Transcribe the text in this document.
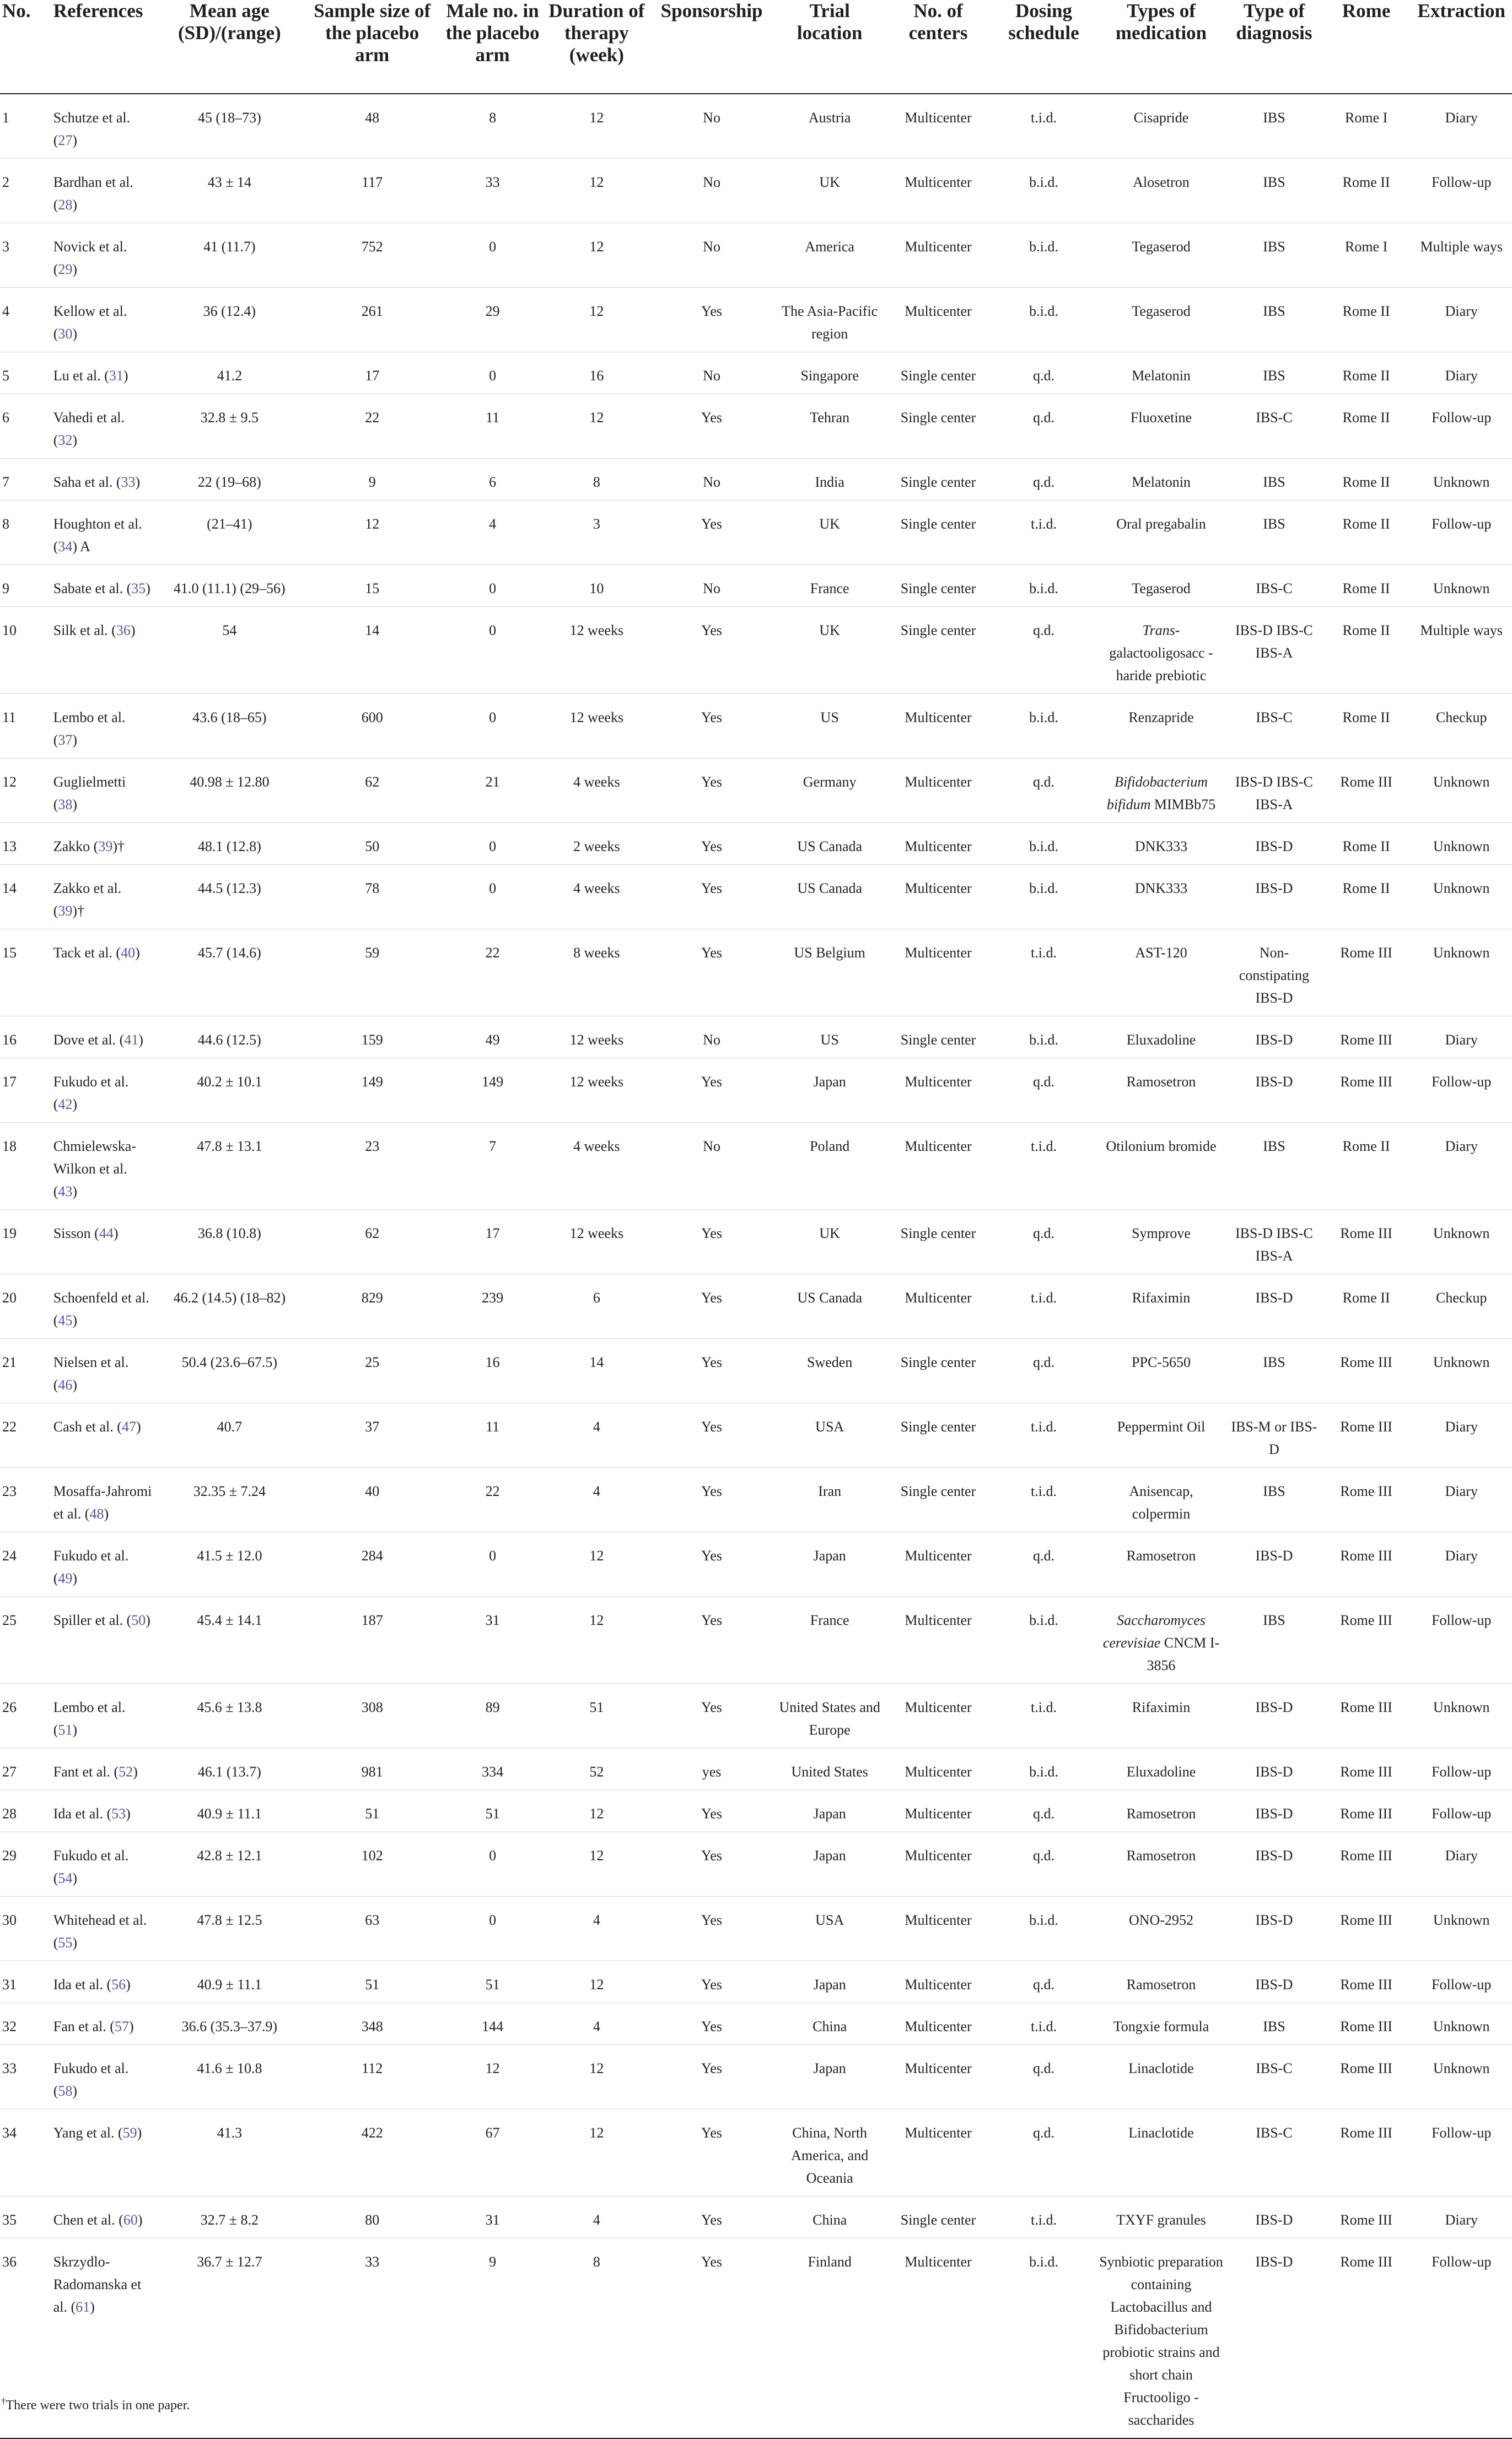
No.	References	Mean age (SD)/(range)	Sample size of the placebo arm	Male no. in the placebo arm	Duration of therapy (week)	Sponsorship	Trial location	No. of centers	Dosing schedule	Types of medication	Type of diagnosis	Rome	Extraction
1	Schutze et al. (27)	45 (18–73)	48	8	12	No	Austria	Multicenter	t.i.d.	Cisapride	IBS	Rome I	Diary
2	Bardhan et al. (28)	43 ± 14	117	33	12	No	UK	Multicenter	b.i.d.	Alosetron	IBS	Rome II	Follow-up
3	Novick et al. (29)	41 (11.7)	752	0	12	No	America	Multicenter	b.i.d.	Tegaserod	IBS	Rome I	Multiple ways
4	Kellow et al. (30)	36 (12.4)	261	29	12	Yes	The Asia-Pacific region	Multicenter	b.i.d.	Tegaserod	IBS	Rome II	Diary
5	Lu et al. (31)	41.2	17	0	16	No	Singapore	Single center	q.d.	Melatonin	IBS	Rome II	Diary
6	Vahedi et al. (32)	32.8 ± 9.5	22	11	12	Yes	Tehran	Single center	q.d.	Fluoxetine	IBS-C	Rome II	Follow-up
7	Saha et al. (33)	22 (19–68)	9	6	8	No	India	Single center	q.d.	Melatonin	IBS	Rome II	Unknown
8	Houghton et al. (34) A	(21–41)	12	4	3	Yes	UK	Single center	t.i.d.	Oral pregabalin	IBS	Rome II	Follow-up
9	Sabate et al. (35)	41.0 (11.1) (29–56)	15	0	10	No	France	Single center	b.i.d.	Tegaserod	IBS-C	Rome II	Unknown
10	Silk et al. (36)	54	14	0	12 weeks	Yes	UK	Single center	q.d.	Trans- galactooligosacc -haride prebiotic	IBS-D IBS-C IBS-A	Rome II	Multiple ways
11	Lembo et al. (37)	43.6 (18–65)	600	0	12 weeks	Yes	US	Multicenter	b.i.d.	Renzapride	IBS-C	Rome II	Checkup
12	Guglielmetti (38)	40.98 ± 12.80	62	21	4 weeks	Yes	Germany	Multicenter	q.d.	Bifidobacterium bifidum MIMBb75	IBS-D IBS-C IBS-A	Rome III	Unknown
13	Zakko (39)†	48.1 (12.8)	50	0	2 weeks	Yes	US Canada	Multicenter	b.i.d.	DNK333	IBS-D	Rome II	Unknown
14	Zakko et al.(39)†	44.5 (12.3)	78	0	4 weeks	Yes	US Canada	Multicenter	b.i.d.	DNK333	IBS-D	Rome II	Unknown
15	Tack et al. (40)	45.7 (14.6)	59	22	8 weeks	Yes	US Belgium	Multicenter	t.i.d.	AST-120	Non-constipating IBS-D	Rome III	Unknown
16	Dove et al. (41)	44.6 (12.5)	159	49	12 weeks	No	US	Single center	b.i.d.	Eluxadoline	IBS-D	Rome III	Diary
17	Fukudo et al. (42)	40.2 ± 10.1	149	149	12 weeks	Yes	Japan	Multicenter	q.d.	Ramosetron	IBS-D	Rome III	Follow-up
18	Chmielewska-Wilkon et al. (43)	47.8 ± 13.1	23	7	4 weeks	No	Poland	Multicenter	t.i.d.	Otilonium bromide	IBS	Rome II	Diary
19	Sisson (44)	36.8 (10.8)	62	17	12 weeks	Yes	UK	Single center	q.d.	Symprove	IBS-D IBS-C IBS-A	Rome III	Unknown
20	Schoenfeld et al. (45)	46.2 (14.5) (18–82)	829	239	6	Yes	US Canada	Multicenter	t.i.d.	Rifaximin	IBS-D	Rome II	Checkup
21	Nielsen et al. (46)	50.4 (23.6–67.5)	25	16	14	Yes	Sweden	Single center	q.d.	PPC-5650	IBS	Rome III	Unknown
22	Cash et al. (47)	40.7	37	11	4	Yes	USA	Single center	t.i.d.	Peppermint Oil	IBS-M or IBS-D	Rome III	Diary
23	Mosaffa-Jahromi et al. (48)	32.35 ± 7.24	40	22	4	Yes	Iran	Single center	t.i.d.	Anisencap, colpermin	IBS	Rome III	Diary
24	Fukudo et al. (49)	41.5 ± 12.0	284	0	12	Yes	Japan	Multicenter	q.d.	Ramosetron	IBS-D	Rome III	Diary
25	Spiller et al. (50)	45.4 ± 14.1	187	31	12	Yes	France	Multicenter	b.i.d.	Saccharomyces cerevisiae CNCM I-3856	IBS	Rome III	Follow-up
26	Lembo et al. (51)	45.6 ± 13.8	308	89	51	Yes	United States and Europe	Multicenter	t.i.d.	Rifaximin	IBS-D	Rome III	Unknown
27	Fant et al. (52)	46.1 (13.7)	981	334	52	yes	United States	Multicenter	b.i.d.	Eluxadoline	IBS-D	Rome III	Follow-up
28	Ida et al. (53)	40.9 ± 11.1	51	51	12	Yes	Japan	Multicenter	q.d.	Ramosetron	IBS-D	Rome III	Follow-up
29	Fukudo et al. (54)	42.8 ± 12.1	102	0	12	Yes	Japan	Multicenter	q.d.	Ramosetron	IBS-D	Rome III	Diary
30	Whitehead et al. (55)	47.8 ± 12.5	63	0	4	Yes	USA	Multicenter	b.i.d.	ONO-2952	IBS-D	Rome III	Unknown
31	Ida et al. (56)	40.9 ± 11.1	51	51	12	Yes	Japan	Multicenter	q.d.	Ramosetron	IBS-D	Rome III	Follow-up
32	Fan et al. (57)	36.6 (35.3–37.9)	348	144	4	Yes	China	Multicenter	t.i.d.	Tongxie formula	IBS	Rome III	Unknown
33	Fukudo et al. (58)	41.6 ± 10.8	112	12	12	Yes	Japan	Multicenter	q.d.	Linaclotide	IBS-C	Rome III	Unknown
34	Yang et al. (59)	41.3	422	67	12	Yes	China, North America, and Oceania	Multicenter	q.d.	Linaclotide	IBS-C	Rome III	Follow-up
35	Chen et al. (60)	32.7 ± 8.2	80	31	4	Yes	China	Single center	t.i.d.	TXYF granules	IBS-D	Rome III	Diary
36	Skrzydlo-Radomanska et al. (61)	36.7 ± 12.7	33	9	8	Yes	Finland	Multicenter	b.i.d.	Synbiotic preparation containing Lactobacillus and Bifidobacterium probiotic strains and short chain Fructooligo -saccharides	IBS-D	Rome III	Follow-up
†There were two trials in one paper.
